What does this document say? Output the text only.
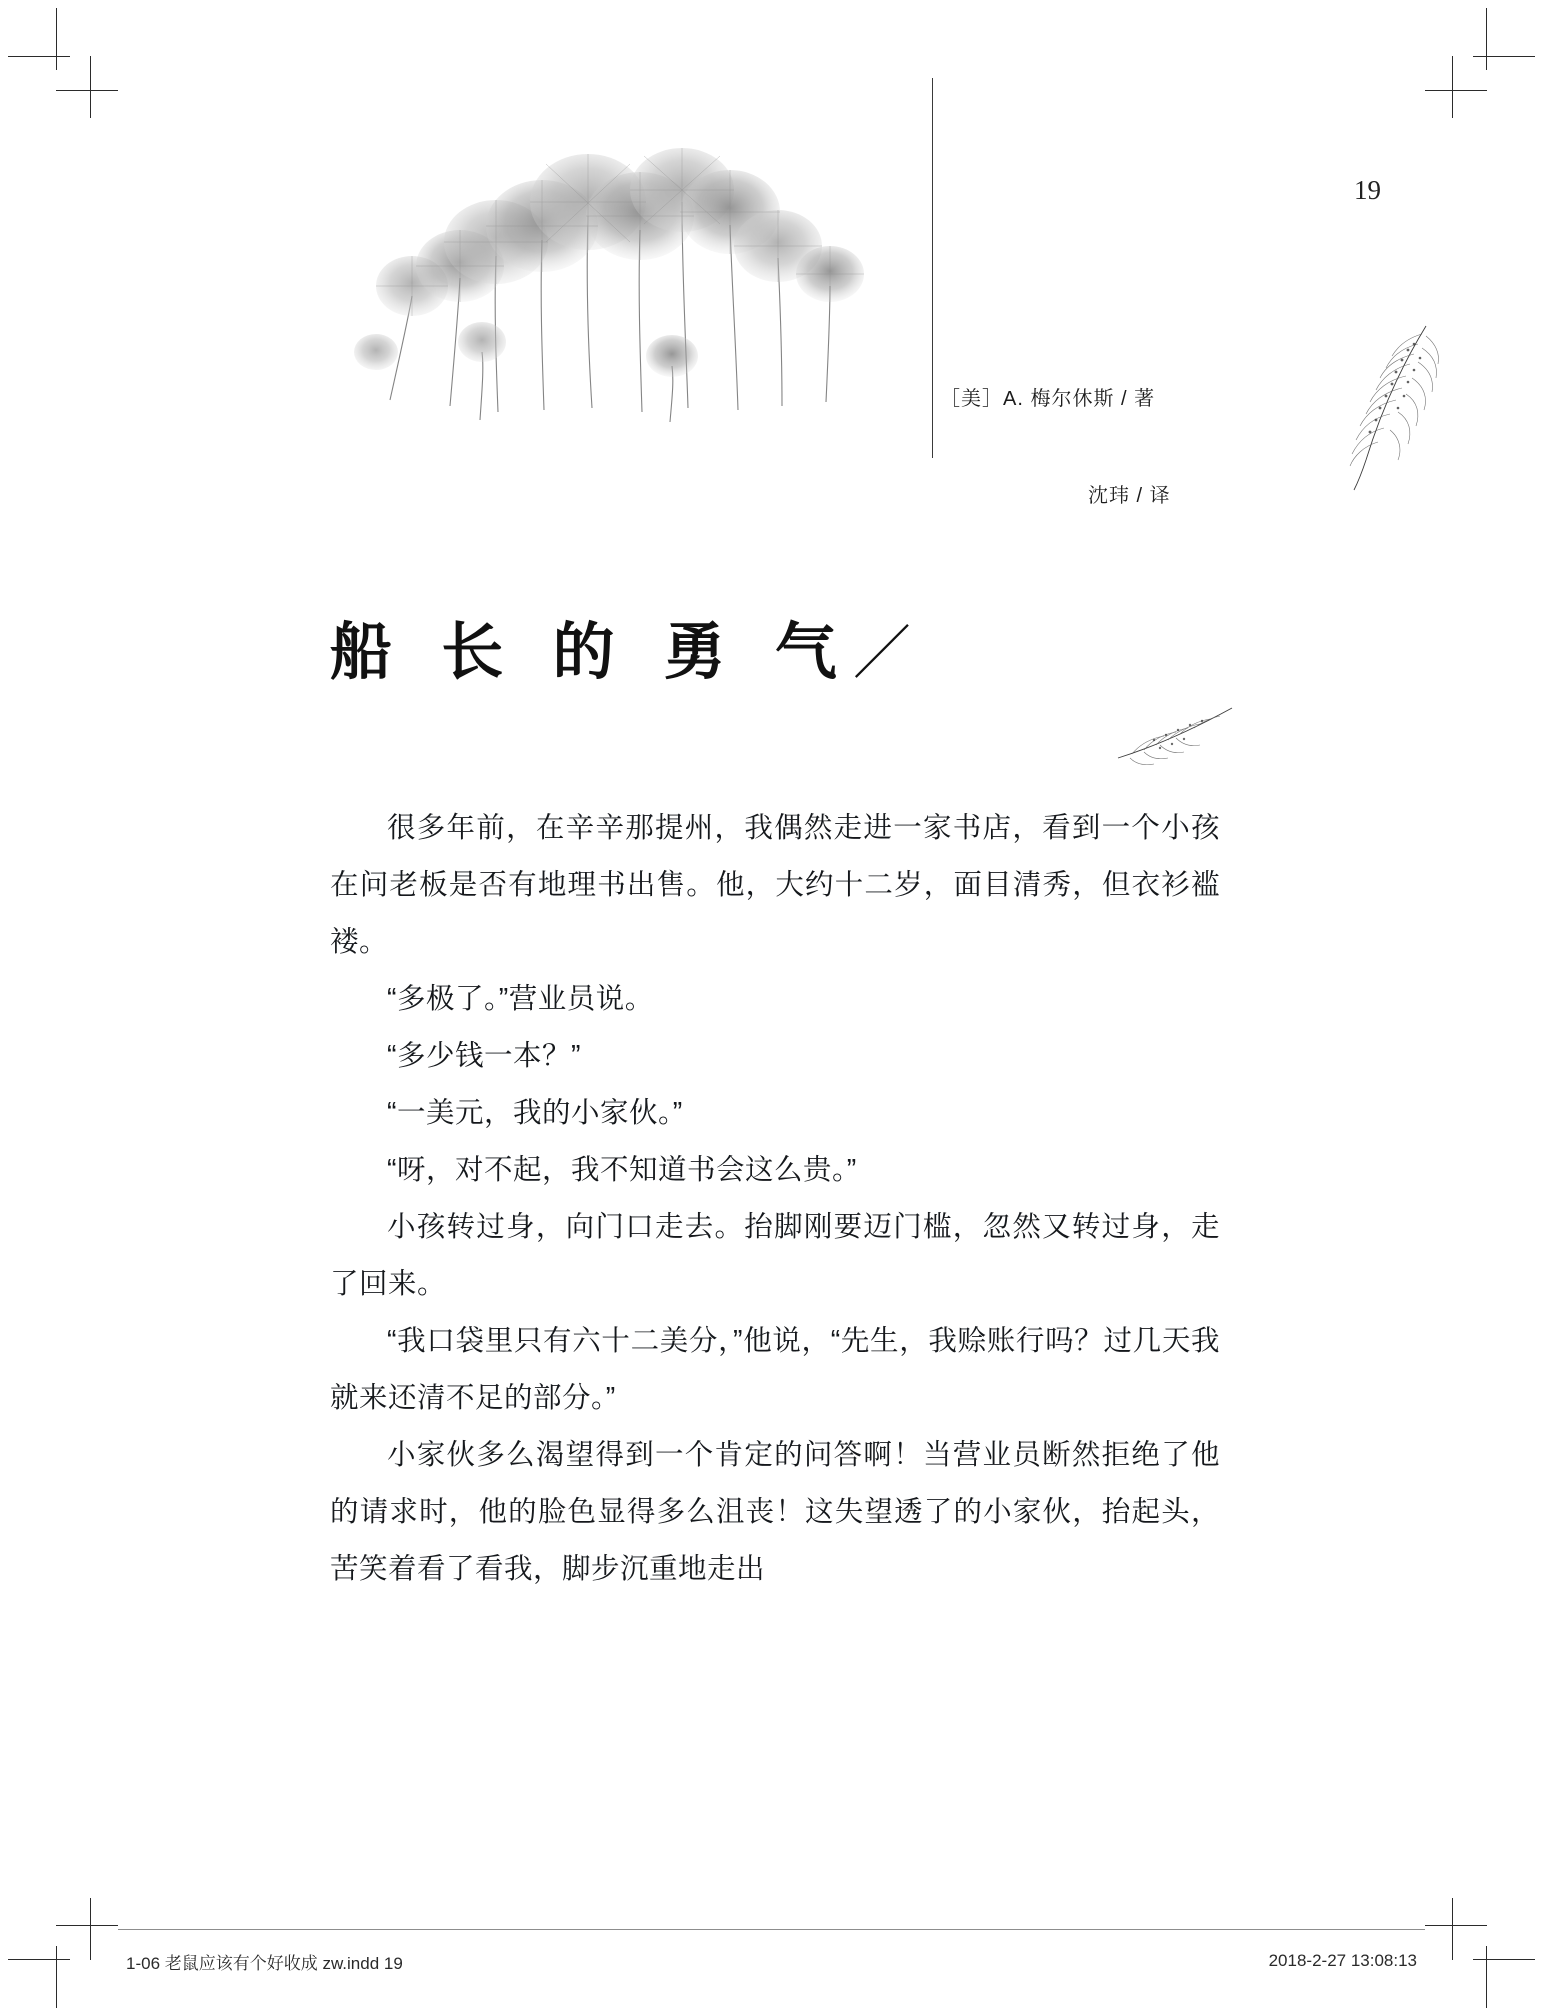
19
［美］A. 梅尔休斯 / 著
沈玮 / 译
船 长 的 勇 气／

很多年前，在辛辛那提州，我偶然走进一家书店，看到一个小孩在问老板是否有地理书出售。他，大约十二岁，面目清秀，但衣衫褴褛。

“多极了。”营业员说。

“多少钱一本？”

“一美元，我的小家伙。”

“呀，对不起，我不知道书会这么贵。”

小孩转过身，向门口走去。抬脚刚要迈门槛，忽然又转过身，走了回来。

“我口袋里只有六十二美分，”他说，“先生，我赊账行吗？过几天我就来还清不足的部分。”

小家伙多么渴望得到一个肯定的问答啊！当营业员断然拒绝了他的请求时，他的脸色显得多么沮丧！这失望透了的小家伙，抬起头，苦笑着看了看我，脚步沉重地走出

1-06 老鼠应该有个好收成 zw.indd 19	2018-2-27 13:08:13
